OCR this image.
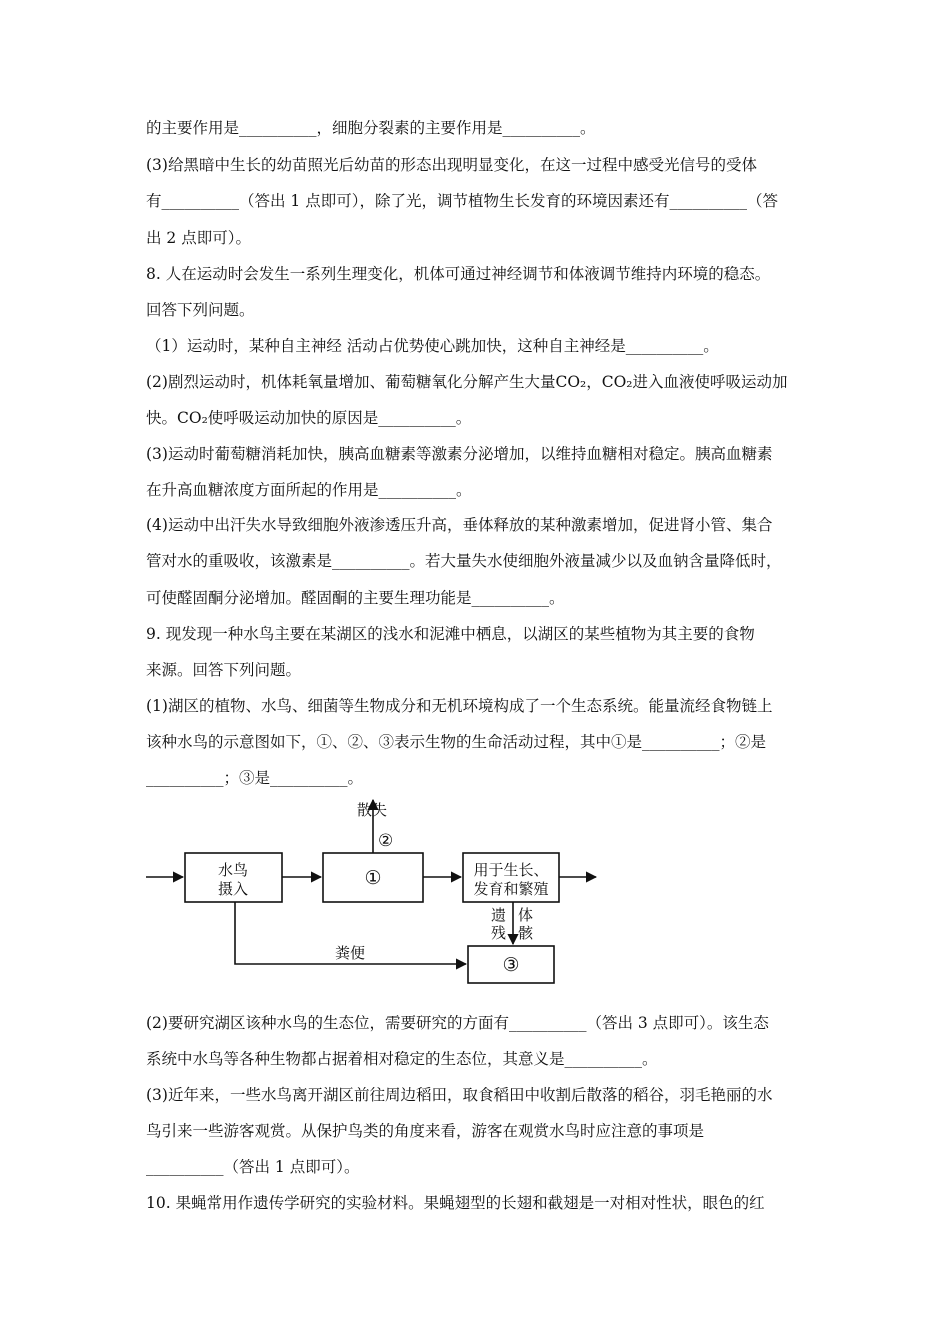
的主要作用是__________，细胞分裂素的主要作用是__________。
(3)给黑暗中生长的幼苗照光后幼苗的形态出现明显变化，在这一过程中感受光信号的受体
有__________（答出 1 点即可），除了光，调节植物生长发育的环境因素还有__________（答
出 2 点即可）。
8. 人在运动时会发生一系列生理变化，机体可通过神经调节和体液调节维持内环境的稳态。
回答下列问题。
（1）运动时，某种自主神经 活动占优势使心跳加快，这种自主神经是__________。
(2)剧烈运动时，机体耗氧量增加、葡萄糖氧化分解产生大量CO₂，CO₂进入血液使呼吸运动加
快。CO₂使呼吸运动加快的原因是__________。
(3)运动时葡萄糖消耗加快，胰高血糖素等激素分泌增加，以维持血糖相对稳定。胰高血糖素
在升高血糖浓度方面所起的作用是__________。
(4)运动中出汗失水导致细胞外液渗透压升高，垂体释放的某种激素增加，促进肾小管、集合
管对水的重吸收，该激素是__________。若大量失水使细胞外液量减少以及血钠含量降低时，
可使醛固酮分泌增加。醛固酮的主要生理功能是__________。
9. 现发现一种水鸟主要在某湖区的浅水和泥滩中栖息，以湖区的某些植物为其主要的食物
来源。回答下列问题。
(1)湖区的植物、水鸟、细菌等生物成分和无机环境构成了一个生态系统。能量流经食物链上
该种水鸟的示意图如下，①、②、③表示生物的生命活动过程，其中①是__________；②是
__________；③是__________。
散失
②
水鸟
摄入	①	用于生长、
发育和繁殖
遗
残
体
骸
粪便
③
(2)要研究湖区该种水鸟的生态位，需要研究的方面有__________（答出 3 点即可）。该生态
系统中水鸟等各种生物都占据着相对稳定的生态位，其意义是__________。
(3)近年来，一些水鸟离开湖区前往周边稻田，取食稻田中收割后散落的稻谷，羽毛艳丽的水
鸟引来一些游客观赏。从保护鸟类的角度来看，游客在观赏水鸟时应注意的事项是
__________（答出 1 点即可）。
10. 果蝇常用作遗传学研究的实验材料。果蝇翅型的长翅和截翅是一对相对性状，眼色的红
